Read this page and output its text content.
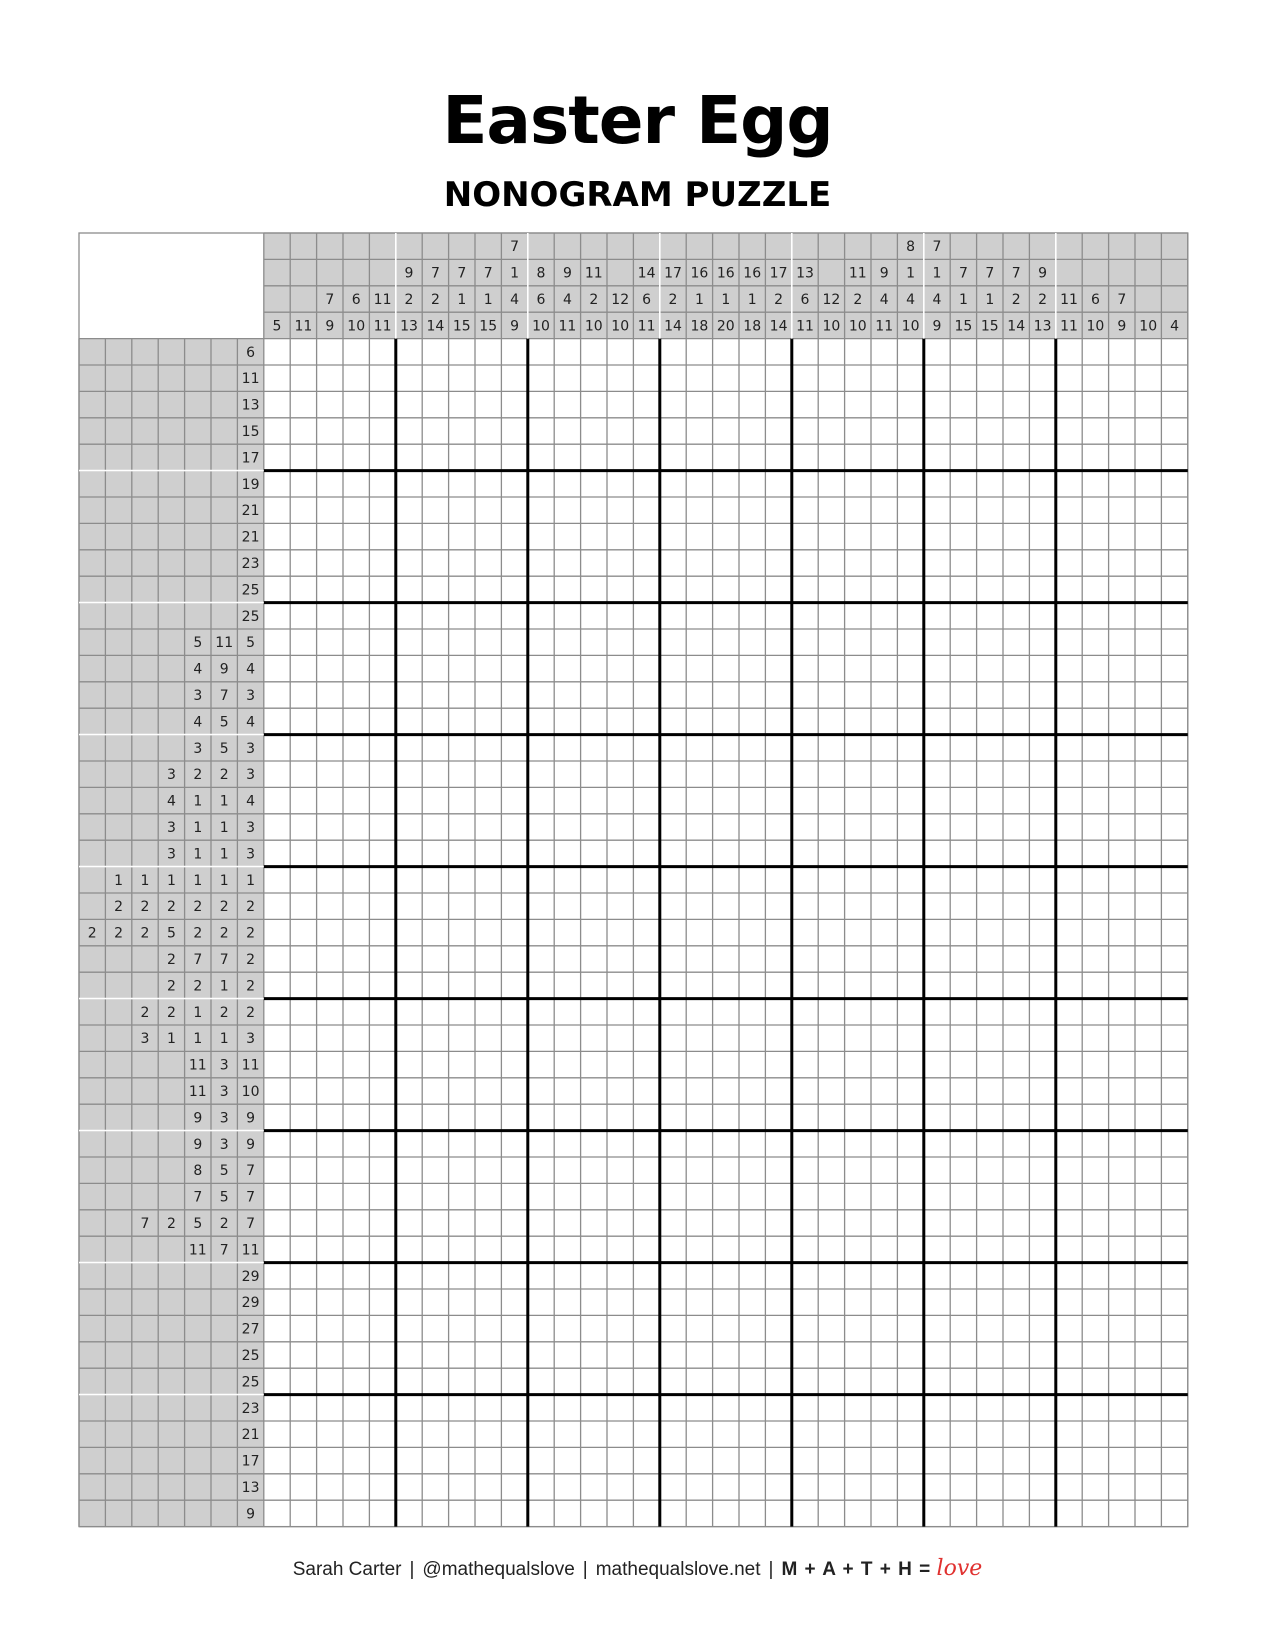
Easter Egg
NONOGRAM PUZZLE
5 11
7
9
6
10
11
11
9
2
13
7
2
14
7
1
15
7
1
15
7
1
4
9
8
6
10
9
4
11
11
2
10
12
10
14
6
11
17
2
14
16
1
18
16
1
20
16
1
18
17
2
14
13
6
11
12
10
11
2
10
9
4
11
8
1
4
10
7
1
4
9
7
1
15
7
1
15
7
2
14
9
2
13
11
11
6
10
7
9 10 4
6
11
13
15
17
19
21
21
23
25
25
5 11 5
4 9 4
3 7 3
4 5 4
3 5 3
3 2 2 3
4 1 1 4
3 1 1 3
3 1 1 3
1 1 1 1 1 1
2 2 2 2 2 2
2 2 2 5 2 2 2
2 7 7 2
2 2 1 2
2 2 1 2 2
3 1 1 1 3
11 3 11
11 3 10
9 3 9
9 3 9
8 5 7
7 5 7
7 2 5 2 7
11 7 11
29
29
27
25
25
23
21
17
13
9
Sarah Carter | @mathequalslove | mathequalslove.net | M + A + T + H = love
